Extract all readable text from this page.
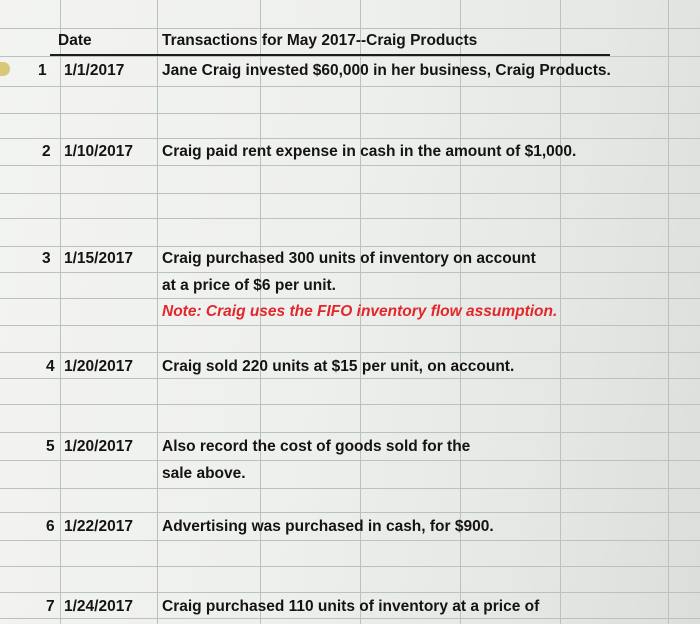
Date	Transactions for May 2017--Craig Products
1 1/1/2017 Jane Craig invested $60,000 in her business, Craig Products.
2 1/10/2017 Craig paid rent expense in cash in the amount of $1,000.
3 1/15/2017 Craig purchased 300 units of inventory on account
at a price of $6 per unit.
Note: Craig uses the FIFO inventory flow assumption.
4 1/20/2017 Craig sold 220 units at $15 per unit, on account.
5 1/20/2017 Also record the cost of goods sold for the
sale above.
6 1/22/2017 Advertising was purchased in cash, for $900.
7 1/24/2017 Craig purchased 110 units of inventory at a price of
